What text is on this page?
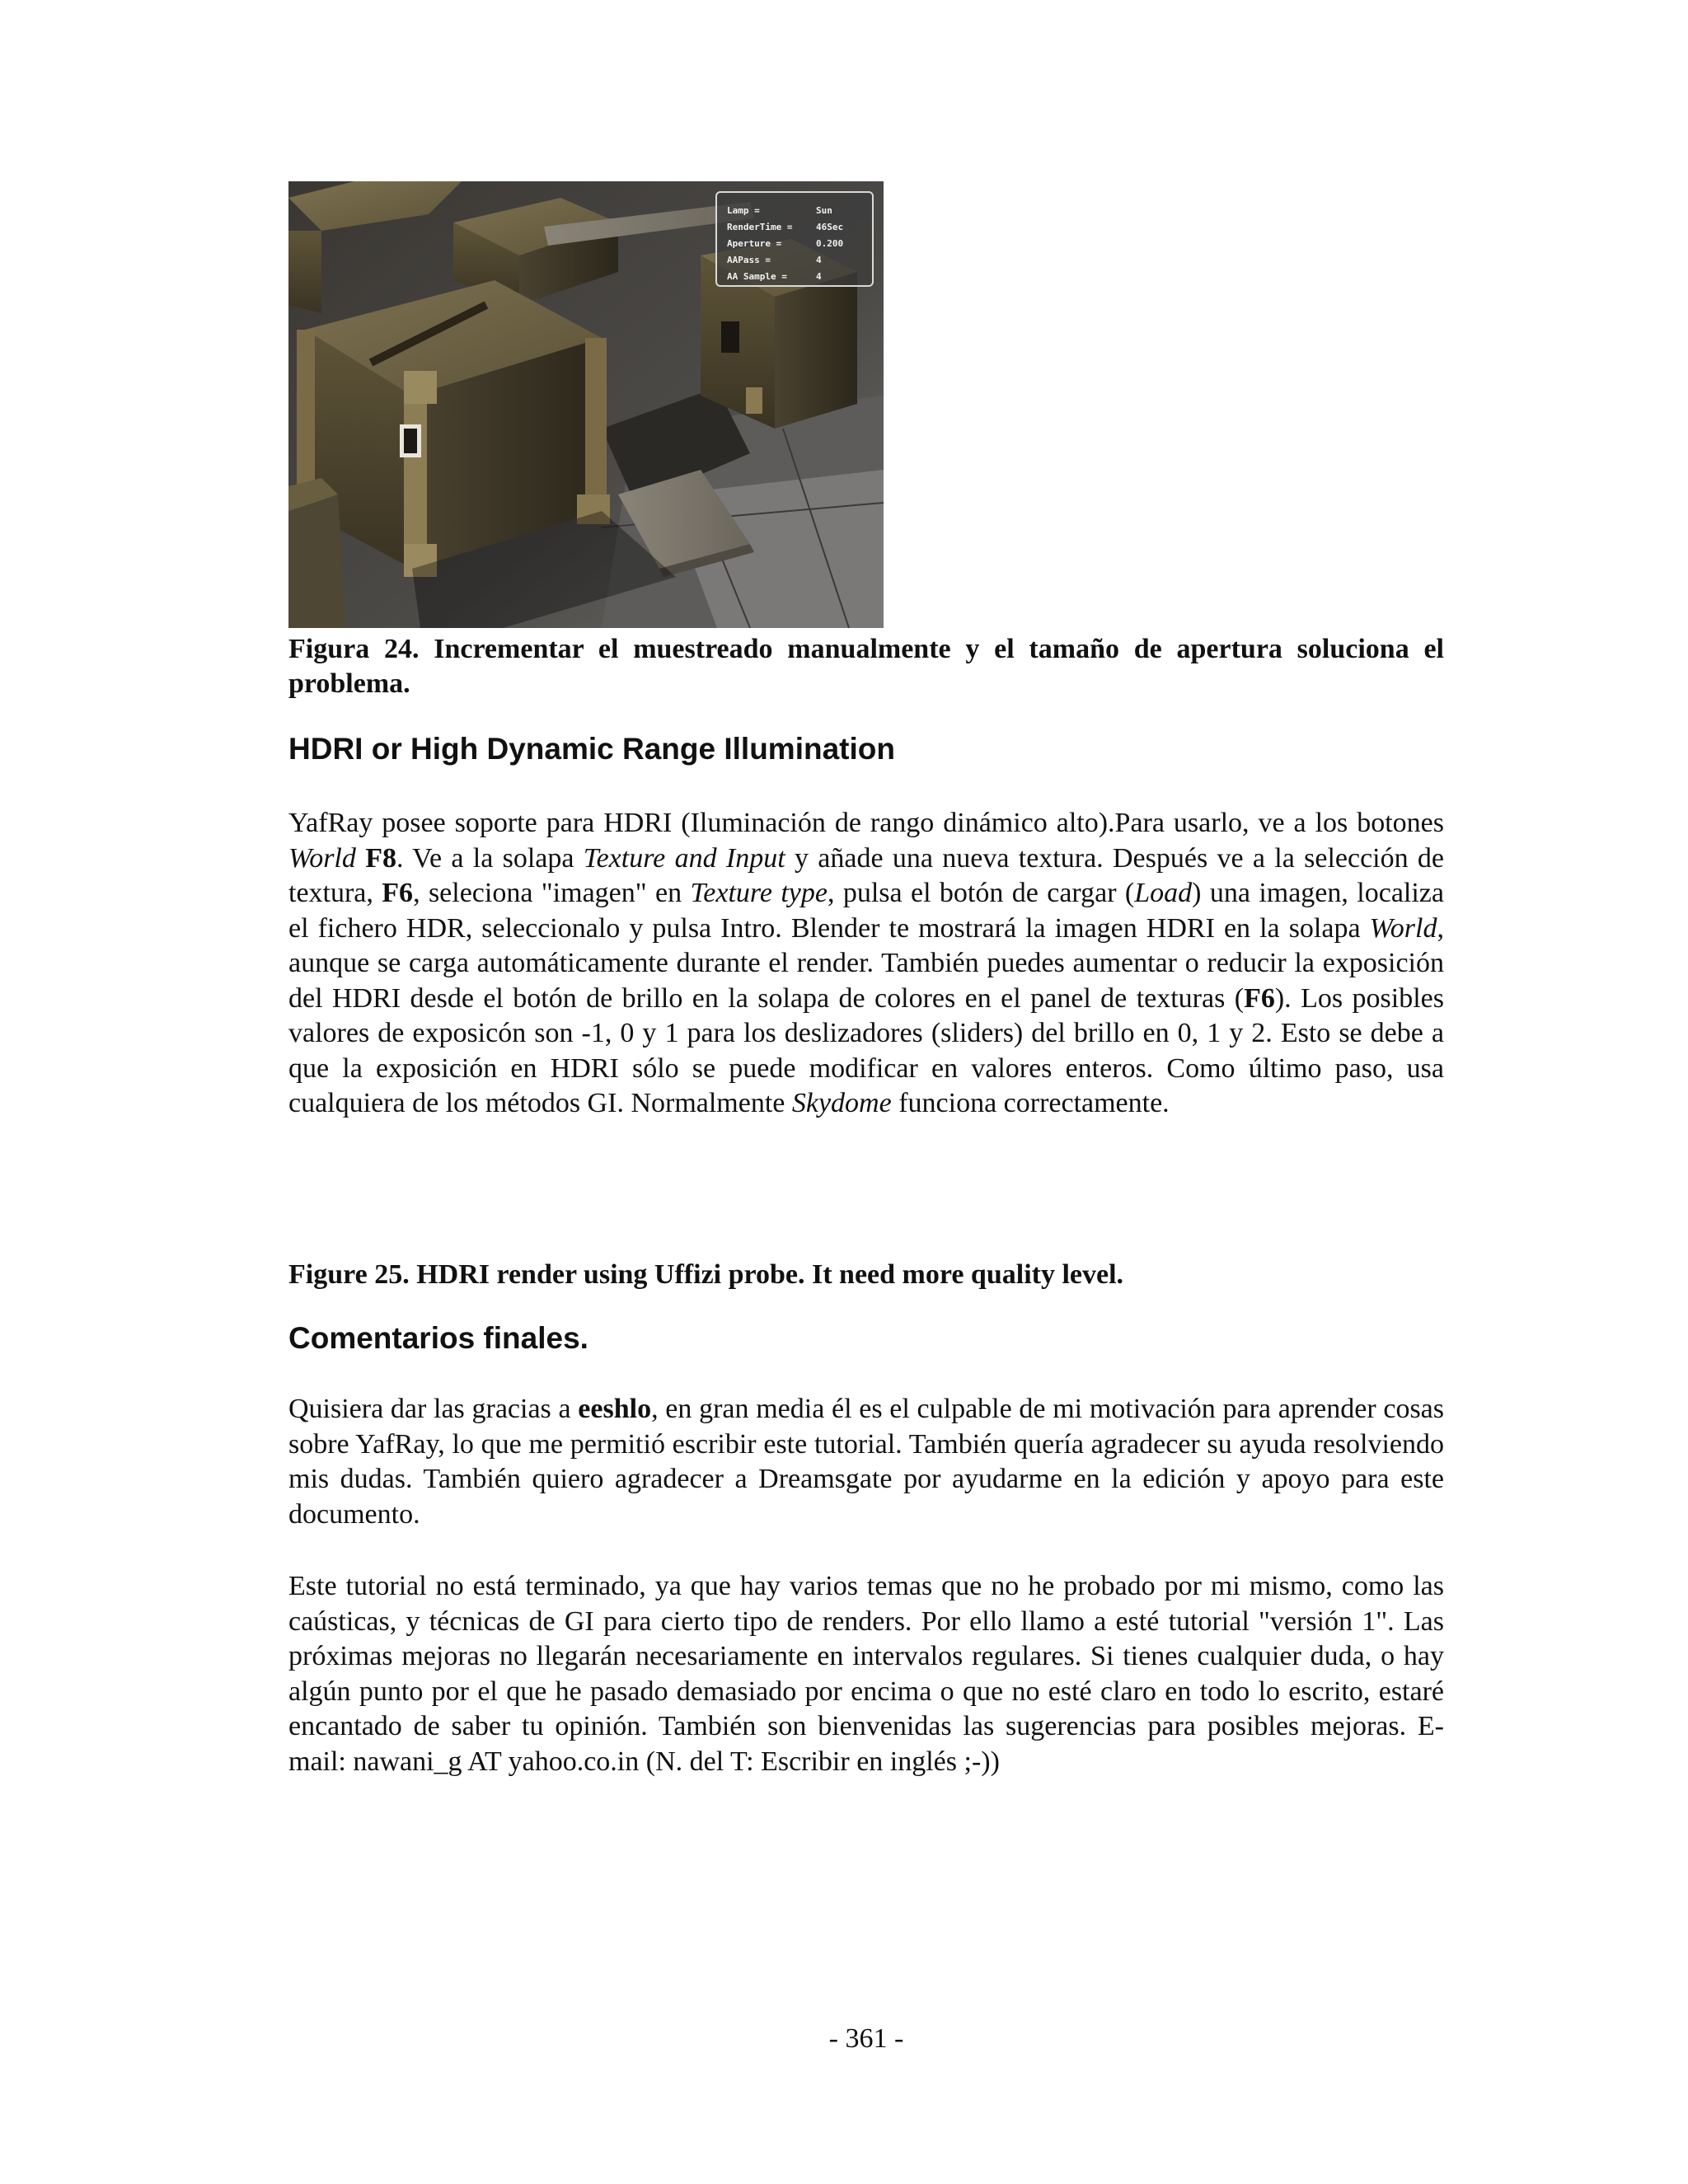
Lamp =	Sun
RenderTime =	46Sec
Aperture =	0.200
AAPass =	4
AA Sample =	4

Figura 24. Incrementar el muestreado manualmente y el tamaño de apertura soluciona el problema.

HDRI or High Dynamic Range Illumination

YafRay posee soporte para HDRI (Iluminación de rango dinámico alto).Para usarlo, ve a los botones World F8. Ve a la solapa Texture and Input y añade una nueva textura. Después ve a la selección de textura, F6, seleciona "imagen" en Texture type, pulsa el botón de cargar (Load) una imagen, localiza el fichero HDR, seleccionalo y pulsa Intro. Blender te mostrará la imagen HDRI en la solapa World, aunque se carga automáticamente durante el render. También puedes aumentar o reducir la exposición del HDRI desde el botón de brillo en la solapa de colores en el panel de texturas (F6). Los posibles valores de exposicón son -1, 0 y 1 para los deslizadores (sliders) del brillo en 0, 1 y 2. Esto se debe a que la exposición en HDRI sólo se puede modificar en valores enteros. Como último paso, usa cualquiera de los métodos GI. Normalmente Skydome funciona correctamente.

Figure 25. HDRI render using Uffizi probe. It need more quality level.

Comentarios finales.

Quisiera dar las gracias a eeshlo, en gran media él es el culpable de mi motivación para aprender cosas sobre YafRay, lo que me permitió escribir este tutorial. También quería agradecer su ayuda resolviendo mis dudas. También quiero agradecer a Dreamsgate por ayudarme en la edición y apoyo para este documento.

Este tutorial no está terminado, ya que hay varios temas que no he probado por mi mismo, como las caústicas, y técnicas de GI para cierto tipo de renders. Por ello llamo a esté tutorial "versión 1". Las próximas mejoras no llegarán necesariamente en intervalos regulares. Si tienes cualquier duda, o hay algún punto por el que he pasado demasiado por encima o que no esté claro en todo lo escrito, estaré encantado de saber tu opinión. También son bienvenidas las sugerencias para posibles mejoras. E-mail: nawani_g AT yahoo.co.in (N. del T: Escribir en inglés ;-))

- 361 -
